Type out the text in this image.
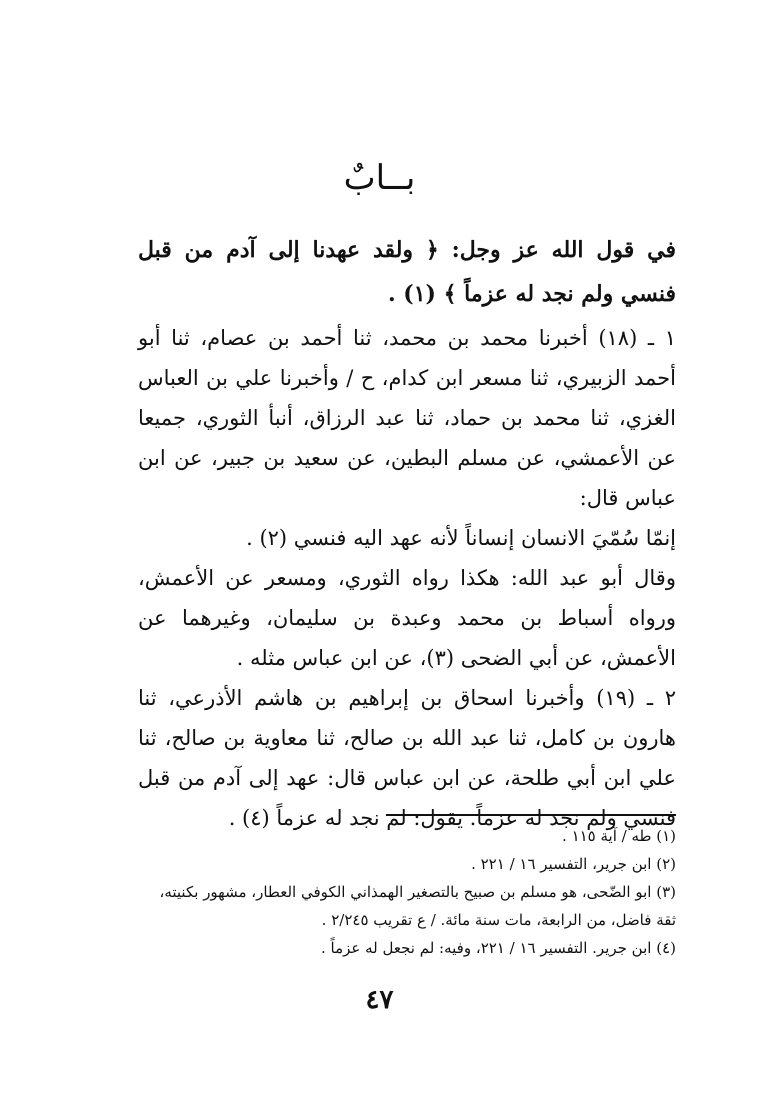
بــابٌ
في قول الله عز وجل: ﴿ ولقد عهدنا إلى آدم من قبل فنسي ولم نجد له عزماً ﴾ (١) .

١ ـ (١٨) أخبرنا محمد بن محمد، ثنا أحمد بن عصام، ثنا أبو أحمد الزبيري، ثنا مسعر ابن كدام، ح / وأخبرنا علي بن العباس الغزي، ثنا محمد بن حماد، ثنا عبد الرزاق، أنبأ الثوري، جميعا عن الأعمشي، عن مسلم البطين، عن سعيد بن جبير، عن ابن عباس قال:

إنمّا سُمّيَ الانسان إنساناً لأنه عهد اليه فنسي (٢) .

وقال أبو عبد الله: هكذا رواه الثوري، ومسعر عن الأعمش، ورواه أسباط بن محمد وعبدة بن سليمان، وغيرهما عن الأعمش، عن أبي الضحى (٣)، عن ابن عباس مثله .

٢ ـ (١٩) وأخبرنا اسحاق بن إبراهيم بن هاشم الأذرعي، ثنا هارون بن كامل، ثنا عبد الله بن صالح، ثنا معاوية بن صالح، ثنا علي ابن أبي طلحة، عن ابن عباس قال: عهد إلى آدم من قبل فنسي ولم نجد له عزماً. يقول: لم نجد له عزماً (٤) .

(١) طه / آية ١١٥ .

(٢) ابن جرير، التفسير ١٦ / ٢٢١ .

(٣) ابو الضّحى، هو مسلم بن صبيح بالتصغير الهمذاني الكوفي العطار، مشهور بكنيته، ثقة فاضل، من الرابعة، مات سنة مائة. / ع تقريب ٢/٢٤٥ .

(٤) ابن جرير. التفسير ١٦ / ٢٢١، وفيه: لم نجعل له عزماً .

٤٧
